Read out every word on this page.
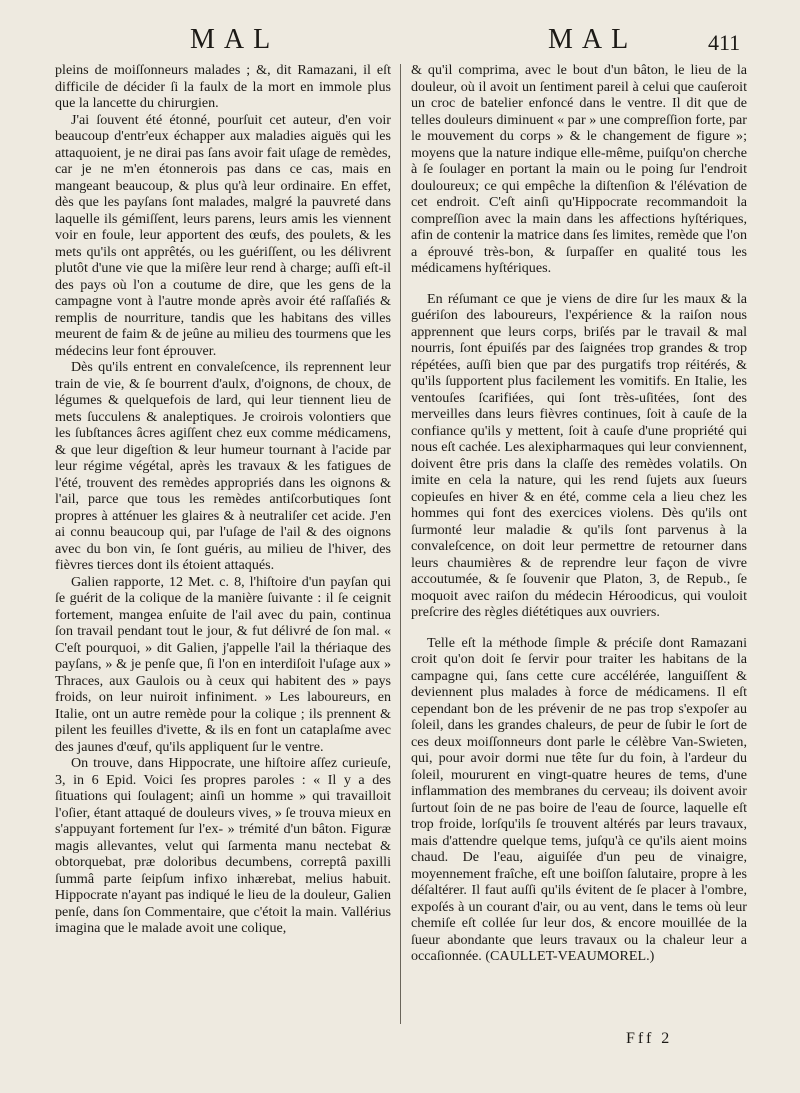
MAL	MAL	411

pleins de moiſſonneurs malades ; &, dit Ramazani, il eſt difficile de décider ſi la faulx de la mort en immole plus que la lancette du chirurgien.

J'ai ſouvent été étonné, pourſuit cet auteur, d'en voir beaucoup d'entr'eux échapper aux maladies aiguës qui les attaquoient, je ne dirai pas ſans avoir fait uſage de remèdes, car je ne m'en étonnerois pas dans ce cas, mais en mangeant beaucoup, & plus qu'à leur ordinaire. En effet, dès que les payſans ſont malades, malgré la pauvreté dans laquelle ils gémiſſent, leurs parens, leurs amis les viennent voir en foule, leur apportent des œufs, des poulets, & les mets qu'ils ont apprêtés, ou les guériſſent, ou les délivrent plutôt d'une vie que la miſère leur rend à charge; auſſi eſt-il des pays où l'on a coutume de dire, que les gens de la campagne vont à l'autre monde après avoir été raſſaſiés & remplis de nourriture, tandis que les habitans des villes meurent de faim & de jeûne au milieu des tourmens que les médecins leur font éprouver.

Dès qu'ils entrent en convaleſcence, ils reprennent leur train de vie, & ſe bourrent d'aulx, d'oignons, de choux, de légumes & quelquefois de lard, qui leur tiennent lieu de mets ſucculens & analeptiques. Je croirois volontiers que les ſubſtances âcres agiſſent chez eux comme médicamens, & que leur digeſtion & leur humeur tournant à l'acide par leur régime végétal, après les travaux & les fatigues de l'été, trouvent des remèdes appropriés dans les oignons & l'ail, parce que tous les remèdes antiſcorbutiques ſont propres à atténuer les glaires & à neutraliſer cet acide. J'en ai connu beaucoup qui, par l'uſage de l'ail & des oignons avec du bon vin, ſe ſont guéris, au milieu de l'hiver, des fièvres tierces dont ils étoient attaqués.

Galien rapporte, 12 Met. c. 8, l'hiſtoire d'un payſan qui ſe guérit de la colique de la manière ſuivante : il ſe ceignit fortement, mangea enſuite de l'ail avec du pain, continua ſon travail pendant tout le jour, & fut délivré de ſon mal. « C'eſt pourquoi, » dit Galien, j'appelle l'ail la thériaque des payſans, » & je penſe que, ſi l'on en interdiſoit l'uſage aux » Thraces, aux Gaulois ou à ceux qui habitent des » pays froids, on leur nuiroit infiniment. » Les laboureurs, en Italie, ont un autre remède pour la colique ; ils prennent & pilent les feuilles d'ivette, & ils en font un cataplaſme avec des jaunes d'œuf, qu'ils appliquent ſur le ventre.

On trouve, dans Hippocrate, une hiſtoire aſſez curieuſe, 3, in 6 Epid. Voici ſes propres paroles : « Il y a des ſituations qui ſoulagent; ainſi un homme » qui travailloit l'oſier, étant attaqué de douleurs vives, » ſe trouva mieux en s'appuyant fortement ſur l'ex- » trémité d'un bâton. Figuræ magis allevantes, velut qui ſarmenta manu nectebat & obtorquebat, præ doloribus decumbens, correptâ paxilli ſummâ parte ſeipſum infixo inhærebat, melius habuit. Hippocrate n'ayant pas indiqué le lieu de la douleur, Galien penſe, dans ſon Commentaire, que c'étoit la main. Vallérius imagina que le malade avoit une colique,

& qu'il comprima, avec le bout d'un bâton, le lieu de la douleur, où il avoit un ſentiment pareil à celui que cauſeroit un croc de batelier enfoncé dans le ventre. Il dit que de telles douleurs diminuent « par » une compreſſion forte, par le mouvement du corps » & le changement de figure »; moyens que la nature indique elle-même, puiſqu'on cherche à ſe ſoulager en portant la main ou le poing ſur l'endroit douloureux; ce qui empêche la diſtenſion & l'élévation de cet endroit. C'eſt ainſi qu'Hippocrate recommandoit la compreſſion avec la main dans les affections hyſtériques, afin de contenir la matrice dans ſes limites, remède que l'on a éprouvé très-bon, & ſurpaſſer en qualité tous les médicamens hyſtériques.

En réſumant ce que je viens de dire ſur les maux & la guériſon des laboureurs, l'expérience & la raiſon nous apprennent que leurs corps, briſés par le travail & mal nourris, ſont épuiſés par des ſaignées trop grandes & trop répétées, auſſi bien que par des purgatifs trop réitérés, & qu'ils ſupportent plus facilement les vomitifs. En Italie, les ventouſes ſcarifiées, qui ſont très-uſitées, ſont des merveilles dans leurs fièvres continues, ſoit à cauſe de la confiance qu'ils y mettent, ſoit à cauſe d'une propriété qui nous eſt cachée. Les alexipharmaques qui leur conviennent, doivent être pris dans la claſſe des remèdes volatils. On imite en cela la nature, qui les rend ſujets aux ſueurs copieuſes en hiver & en été, comme cela a lieu chez les hommes qui font des exercices violens. Dès qu'ils ont ſurmonté leur maladie & qu'ils ſont parvenus à la convaleſcence, on doit leur permettre de retourner dans leurs chaumières & de reprendre leur façon de vivre accoutumée, & ſe ſouvenir que Platon, 3, de Repub., ſe moquoit avec raiſon du médecin Héroodicus, qui vouloit preſcrire des règles diététiques aux ouvriers.

Telle eſt la méthode ſimple & préciſe dont Ramazani croit qu'on doit ſe ſervir pour traiter les habitans de la campagne qui, ſans cette cure accélérée, languiſſent & deviennent plus malades à force de médicamens. Il eſt cependant bon de les prévenir de ne pas trop s'expoſer au ſoleil, dans les grandes chaleurs, de peur de ſubir le ſort de ces deux moiſſonneurs dont parle le célèbre Van-Swieten, qui, pour avoir dormi nue tête ſur du foin, à l'ardeur du ſoleil, moururent en vingt-quatre heures de tems, d'une inflammation des membranes du cerveau; ils doivent avoir ſurtout ſoin de ne pas boire de l'eau de ſource, laquelle eſt trop froide, lorſqu'ils ſe trouvent altérés par leurs travaux, mais d'attendre quelque tems, juſqu'à ce qu'ils aient moins chaud. De l'eau, aiguiſée d'un peu de vinaigre, moyennement fraîche, eſt une boiſſon ſalutaire, propre à les déſaltérer. Il faut auſſi qu'ils évitent de ſe placer à l'ombre, expoſés à un courant d'air, ou au vent, dans le tems où leur chemiſe eſt collée ſur leur dos, & encore mouillée de la ſueur abondante que leurs travaux ou la chaleur leur a occaſionnée. (CAULLET-VEAUMOREL.)

Fff 2
